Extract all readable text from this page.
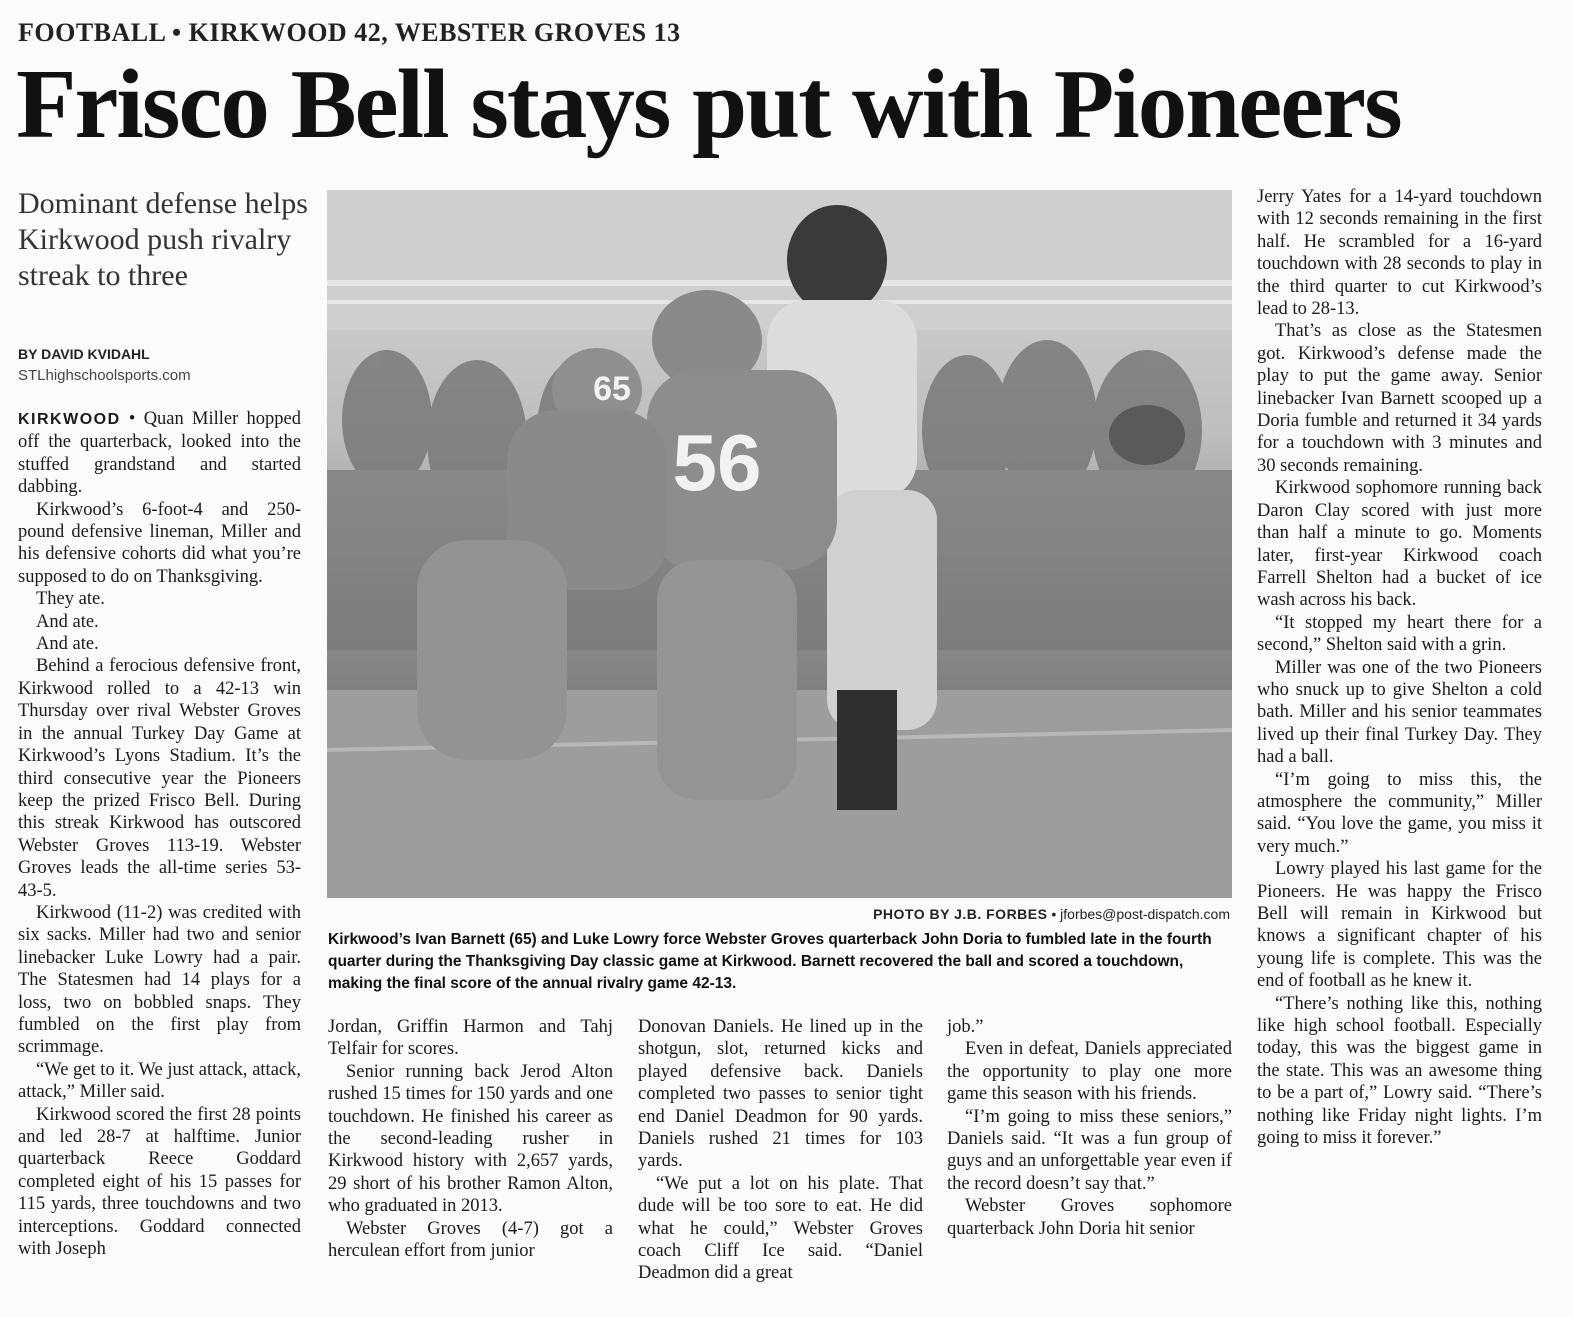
FOOTBALL • KIRKWOOD 42, WEBSTER GROVES 13
Frisco Bell stays put with Pioneers
Dominant defense helps Kirkwood push rivalry streak to three
BY DAVID KVIDAHL
STLhighschoolsports.com

KIRKWOOD • Quan Miller hopped off the quarterback, looked into the stuffed grandstand and started dabbing.

Kirkwood’s 6-foot-4 and 250-pound defensive lineman, Miller and his defensive cohorts did what you’re supposed to do on Thanksgiving.

They ate.

And ate.

And ate.

Behind a ferocious defensive front, Kirkwood rolled to a 42-13 win Thursday over rival Webster Groves in the annual Turkey Day Game at Kirkwood’s Lyons Stadium. It’s the third consecutive year the Pioneers keep the prized Frisco Bell. During this streak Kirkwood has outscored Webster Groves 113-19. Webster Groves leads the all-time series 53-43-5.

Kirkwood (11-2) was credited with six sacks. Miller had two and senior linebacker Luke Lowry had a pair. The Statesmen had 14 plays for a loss, two on bobbled snaps. They fumbled on the first play from scrimmage.

“We get to it. We just attack, attack, attack,” Miller said.

Kirkwood scored the first 28 points and led 28-7 at halftime. Junior quarterback Reece Goddard completed eight of his 15 passes for 115 yards, three touchdowns and two interceptions. Goddard connected with Joseph

56
65
PHOTO BY J.B. FORBES • jforbes@post-dispatch.com
Kirkwood’s Ivan Barnett (65) and Luke Lowry force Webster Groves quarterback John Doria to fumbled late in the fourth quarter during the Thanksgiving Day classic game at Kirkwood. Barnett recovered the ball and scored a touchdown, making the final score of the annual rivalry game 42-13.

Jordan, Griffin Harmon and Tahj Telfair for scores.

Senior running back Jerod Alton rushed 15 times for 150 yards and one touchdown. He finished his career as the second-leading rusher in Kirkwood history with 2,657 yards, 29 short of his brother Ramon Alton, who graduated in 2013.

Webster Groves (4-7) got a herculean effort from junior

Donovan Daniels. He lined up in the shotgun, slot, returned kicks and played defensive back. Daniels completed two passes to senior tight end Daniel Deadmon for 90 yards. Daniels rushed 21 times for 103 yards.

“We put a lot on his plate. That dude will be too sore to eat. He did what he could,” Webster Groves coach Cliff Ice said. “Daniel Deadmon did a great

job.”

Even in defeat, Daniels appreciated the opportunity to play one more game this season with his friends.

“I’m going to miss these seniors,” Daniels said. “It was a fun group of guys and an unforgettable year even if the record doesn’t say that.”

Webster Groves sophomore quarterback John Doria hit senior

Jerry Yates for a 14-yard touchdown with 12 seconds remaining in the first half. He scrambled for a 16-yard touchdown with 28 seconds to play in the third quarter to cut Kirkwood’s lead to 28-13.

That’s as close as the Statesmen got. Kirkwood’s defense made the play to put the game away. Senior linebacker Ivan Barnett scooped up a Doria fumble and returned it 34 yards for a touchdown with 3 minutes and 30 seconds remaining.

Kirkwood sophomore running back Daron Clay scored with just more than half a minute to go. Moments later, first-year Kirkwood coach Farrell Shelton had a bucket of ice wash across his back.

“It stopped my heart there for a second,” Shelton said with a grin.

Miller was one of the two Pioneers who snuck up to give Shelton a cold bath. Miller and his senior teammates lived up their final Turkey Day. They had a ball.

“I’m going to miss this, the atmosphere the community,” Miller said. “You love the game, you miss it very much.”

Lowry played his last game for the Pioneers. He was happy the Frisco Bell will remain in Kirkwood but knows a significant chapter of his young life is complete. This was the end of football as he knew it.

“There’s nothing like this, nothing like high school football. Especially today, this was the biggest game in the state. This was an awesome thing to be a part of,” Lowry said. “There’s nothing like Friday night lights. I’m going to miss it forever.”
